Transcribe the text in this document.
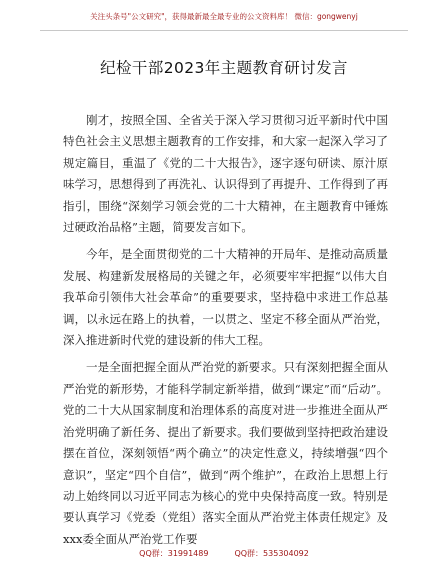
关注头条号"公文研究"，获得最新最全最专业的公文资料库！ 微信：gongwenyj
纪检干部2023年主题教育研讨发言

刚才，按照全国、全省关于深入学习贯彻习近平新时代中国特色社会主义思想主题教育的工作安排，和大家一起深入学习了规定篇目，重温了《党的二十大报告》，逐字逐句研读、原汁原味学习，思想得到了再洗礼、认识得到了再提升、工作得到了再指引，围绕“深刻学习领会党的二十大精神，在主题教育中锤炼过硬政治品格”主题，简要发言如下。

今年，是全面贯彻党的二十大精神的开局年、是推动高质量发展、构建新发展格局的关键之年，必须要牢牢把握“以伟大自我革命引领伟大社会革命”的重要要求，坚持稳中求进工作总基调，以永远在路上的执着，一以贯之、坚定不移全面从严治党，深入推进新时代党的建设新的伟大工程。

一是全面把握全面从严治党的新要求。只有深刻把握全面从严治党的新形势，才能科学制定新举措，做到“课定”而“后动”。党的二十大从国家制度和治理体系的高度对进一步推进全面从严治党明确了新任务、提出了新要求。我们要做到坚持把政治建设摆在首位，深刻领悟“两个确立”的决定性意义，持续增强“四个意识”，坚定“四个自信”，做到“两个维护”，在政治上思想上行动上始终同以习近平同志为核心的党中央保持高度一致。特别是要认真学习《党委（党组）落实全面从严治党主体责任规定》及xxx委全面从严治党工作要

QQ群：31991489	QQ群：535304092
